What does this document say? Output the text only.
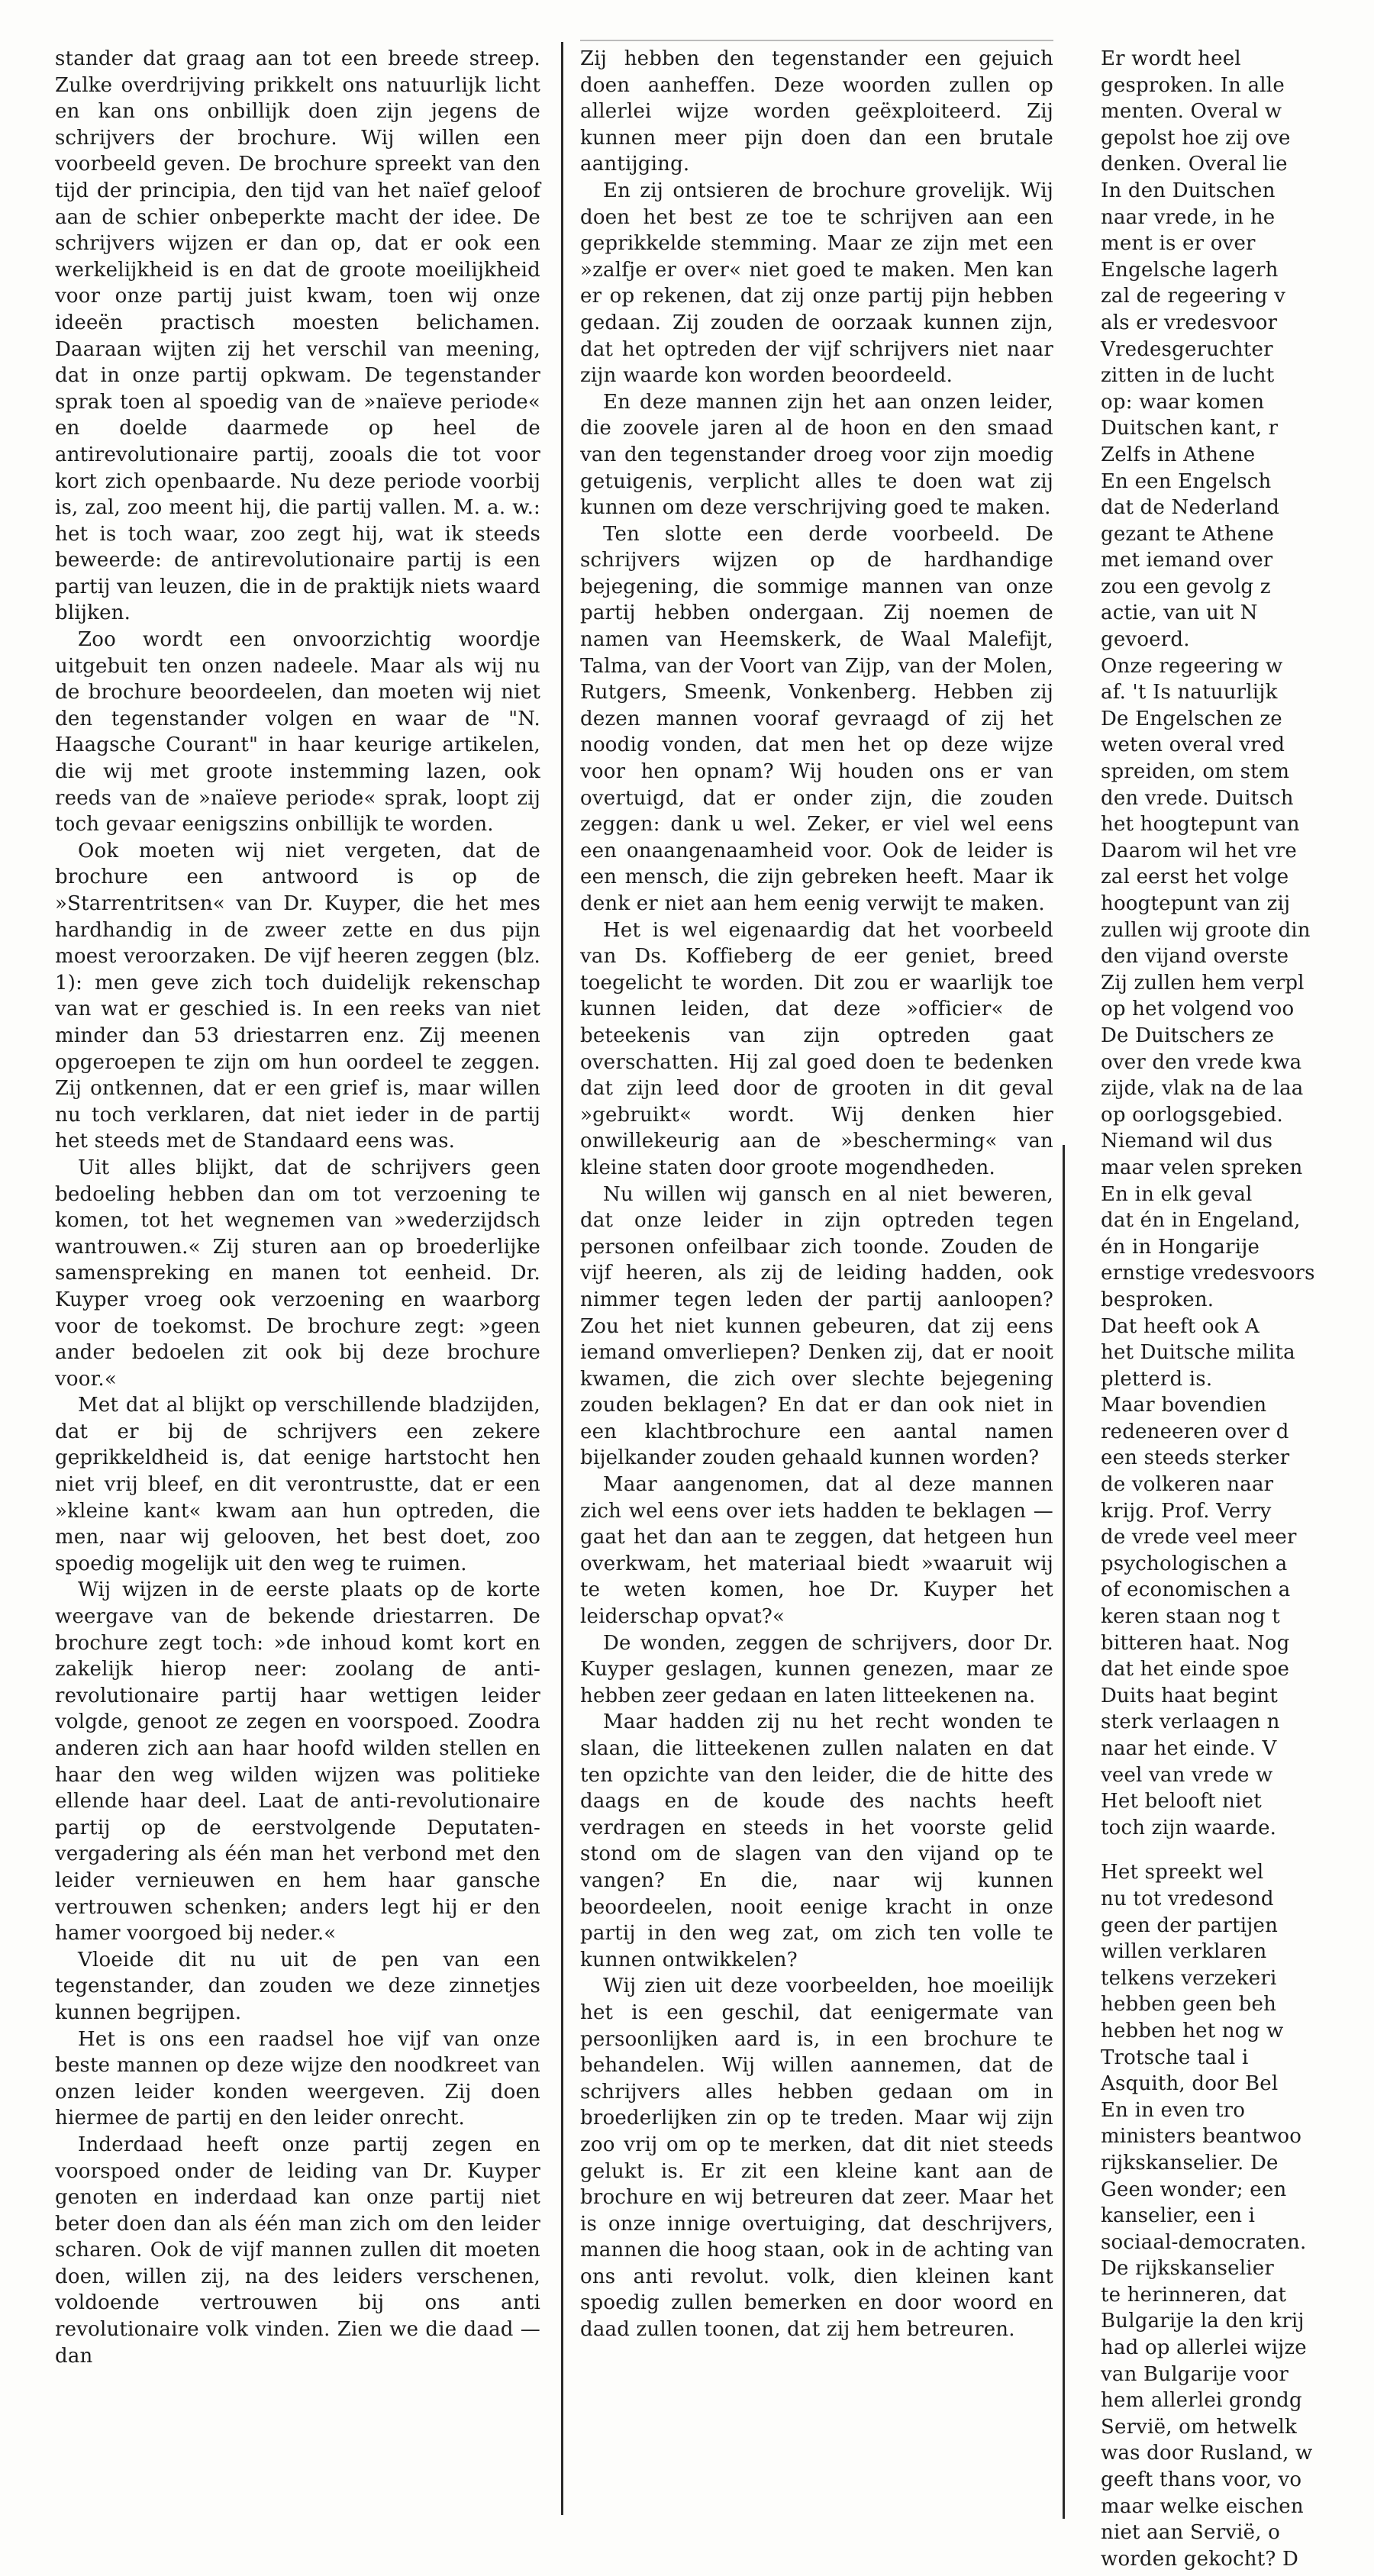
stander dat graag aan tot een breede streep. Zulke overdrijving prikkelt ons natuurlijk licht en kan ons onbillijk doen zijn jegens de schrijvers der brochure. Wij willen een voorbeeld geven. De brochure spreekt van den tijd der principia, den tijd van het naïef geloof aan de schier onbeperkte macht der idee. De schrijvers wijzen er dan op, dat er ook een werkelijkheid is en dat de groote moeilijkheid voor onze partij juist kwam, toen wij onze ideeën practisch moesten belichamen. Daaraan wijten zij het verschil van meening, dat in onze partij opkwam. De tegenstander sprak toen al spoedig van de »naïeve periode« en doelde daarmede op heel de antirevolutionaire partij, zooals die tot voor kort zich openbaarde. Nu deze periode voorbij is, zal, zoo meent hij, die partij vallen. M. a. w.: het is toch waar, zoo zegt hij, wat ik steeds beweerde: de antirevolutionaire partij is een partij van leuzen, die in de praktijk niets waard blijken.

Zoo wordt een onvoorzichtig woordje uitgebuit ten onzen nadeele. Maar als wij nu de brochure beoordeelen, dan moeten wij niet den tegenstander volgen en waar de "N. Haagsche Courant" in haar keurige artikelen, die wij met groote instemming lazen, ook reeds van de »naïeve periode« sprak, loopt zij toch gevaar eenigszins onbillijk te worden.

Ook moeten wij niet vergeten, dat de brochure een antwoord is op de »Starrentritsen« van Dr. Kuyper, die het mes hardhandig in de zweer zette en dus pijn moest veroorzaken. De vijf heeren zeggen (blz. 1): men geve zich toch duidelijk rekenschap van wat er geschied is. In een reeks van niet minder dan 53 driestarren enz. Zij meenen opgeroepen te zijn om hun oordeel te zeggen. Zij ontkennen, dat er een grief is, maar willen nu toch verklaren, dat niet ieder in de partij het steeds met de Standaard eens was.

Uit alles blijkt, dat de schrijvers geen bedoeling hebben dan om tot verzoening te komen, tot het wegnemen van »wederzijdsch wantrouwen.« Zij sturen aan op broederlijke samenspreking en manen tot eenheid. Dr. Kuyper vroeg ook verzoening en waarborg voor de toekomst. De brochure zegt: »geen ander bedoelen zit ook bij deze brochure voor.«

Met dat al blijkt op verschillende bladzijden, dat er bij de schrijvers een zekere geprikkeldheid is, dat eenige hartstocht hen niet vrij bleef, en dit verontrustte, dat er een »kleine kant« kwam aan hun optreden, die men, naar wij gelooven, het best doet, zoo spoedig mogelijk uit den weg te ruimen.

Wij wijzen in de eerste plaats op de korte weergave van de bekende driestarren. De brochure zegt toch: »de inhoud komt kort en zakelijk hierop neer: zoolang de anti-revolutionaire partij haar wettigen leider volgde, genoot ze zegen en voorspoed. Zoodra anderen zich aan haar hoofd wilden stellen en haar den weg wilden wijzen was politieke ellende haar deel. Laat de anti-revolutionaire partij op de eerstvolgende Deputaten-vergadering als één man het verbond met den leider vernieuwen en hem haar gansche vertrouwen schenken; anders legt hij er den hamer voorgoed bij neder.«

Vloeide dit nu uit de pen van een tegenstander, dan zouden we deze zinnetjes kunnen begrijpen.

Het is ons een raadsel hoe vijf van onze beste mannen op deze wijze den noodkreet van onzen leider konden weergeven. Zij doen hiermee de partij en den leider onrecht.

Inderdaad heeft onze partij zegen en voorspoed onder de leiding van Dr. Kuyper genoten en inderdaad kan onze partij niet beter doen dan als één man zich om den leider scharen. Ook de vijf mannen zullen dit moeten doen, willen zij, na des leiders verschenen, voldoende vertrouwen bij ons anti revolutionaire volk vinden. Zien we die daad — dan

Zij hebben den tegenstander een gejuich doen aanheffen. Deze woorden zullen op allerlei wijze worden geëxploiteerd. Zij kunnen meer pijn doen dan een brutale aantijging.

En zij ontsieren de brochure grovelijk. Wij doen het best ze toe te schrijven aan een geprikkelde stemming. Maar ze zijn met een »zalfje er over« niet goed te maken. Men kan er op rekenen, dat zij onze partij pijn hebben gedaan. Zij zouden de oorzaak kunnen zijn, dat het optreden der vijf schrijvers niet naar zijn waarde kon worden beoordeeld.

En deze mannen zijn het aan onzen leider, die zoovele jaren al de hoon en den smaad van den tegenstander droeg voor zijn moedig getuigenis, verplicht alles te doen wat zij kunnen om deze verschrijving goed te maken.

Ten slotte een derde voorbeeld. De schrijvers wijzen op de hardhandige bejegening, die sommige mannen van onze partij hebben ondergaan. Zij noemen de namen van Heemskerk, de Waal Malefijt, Talma, van der Voort van Zijp, van der Molen, Rutgers, Smeenk, Vonkenberg. Hebben zij dezen mannen vooraf gevraagd of zij het noodig vonden, dat men het op deze wijze voor hen opnam? Wij houden ons er van overtuigd, dat er onder zijn, die zouden zeggen: dank u wel. Zeker, er viel wel eens een onaangenaamheid voor. Ook de leider is een mensch, die zijn gebreken heeft. Maar ik denk er niet aan hem eenig verwijt te maken.

Het is wel eigenaardig dat het voorbeeld van Ds. Koffieberg de eer geniet, breed toegelicht te worden. Dit zou er waarlijk toe kunnen leiden, dat deze »officier« de beteekenis van zijn optreden gaat overschatten. Hij zal goed doen te bedenken dat zijn leed door de grooten in dit geval »gebruikt« wordt. Wij denken hier onwillekeurig aan de »bescherming« van kleine staten door groote mogendheden.

Nu willen wij gansch en al niet beweren, dat onze leider in zijn optreden tegen personen onfeilbaar zich toonde. Zouden de vijf heeren, als zij de leiding hadden, ook nimmer tegen leden der partij aanloopen? Zou het niet kunnen gebeuren, dat zij eens iemand omverliepen? Denken zij, dat er nooit kwamen, die zich over slechte bejegening zouden beklagen? En dat er dan ook niet in een klachtbrochure een aantal namen bijelkander zouden gehaald kunnen worden?

Maar aangenomen, dat al deze mannen zich wel eens over iets hadden te beklagen — gaat het dan aan te zeggen, dat hetgeen hun overkwam, het materiaal biedt »waaruit wij te weten komen, hoe Dr. Kuyper het leiderschap opvat?«

De wonden, zeggen de schrijvers, door Dr. Kuyper geslagen, kunnen genezen, maar ze hebben zeer gedaan en laten litteekenen na.

Maar hadden zij nu het recht wonden te slaan, die litteekenen zullen nalaten en dat ten opzichte van den leider, die de hitte des daags en de koude des nachts heeft verdragen en steeds in het voorste gelid stond om de slagen van den vijand op te vangen? En die, naar wij kunnen beoordeelen, nooit eenige kracht in onze partij in den weg zat, om zich ten volle te kunnen ontwikkelen?

Wij zien uit deze voorbeelden, hoe moeilijk het is een geschil, dat eenigermate van persoonlijken aard is, in een brochure te behandelen. Wij willen aannemen, dat de schrijvers alles hebben gedaan om in broederlijken zin op te treden. Maar wij zijn zoo vrij om op te merken, dat dit niet steeds gelukt is. Er zit een kleine kant aan de brochure en wij betreuren dat zeer. Maar het is onze innige overtuiging, dat deschrijvers, mannen die hoog staan, ook in de achting van ons anti revolut. volk, dien kleinen kant spoedig zullen bemerken en door woord en daad zullen toonen, dat zij hem betreuren.

Er wordt heel

gesproken. In alle

menten. Overal w

gepolst hoe zij ove

denken. Overal lie

In den Duitschen

naar vrede, in he

ment is er over

Engelsche lagerh

zal de regeering v

als er vredesvoor

Vredesgeruchter

zitten in de lucht

op: waar komen

Duitschen kant, r

Zelfs in Athene

En een Engelsch

dat de Nederland

gezant te Athene

met iemand over

zou een gevolg z

actie, van uit N

gevoerd.

Onze regeering w

af. 't Is natuurlijk

De Engelschen ze

weten overal vred

spreiden, om stem

den vrede. Duitsch

het hoogtepunt van

Daarom wil het vre

zal eerst het volge

hoogtepunt van zij

zullen wij groote din

den vijand overste

Zij zullen hem verpl

op het volgend voo

De Duitschers ze

over den vrede kwa

zijde, vlak na de laa

op oorlogsgebied.

Niemand wil dus

maar velen spreken

En in elk geval

dat én in Engeland,

én in Hongarije

ernstige vredesvoors

besproken.

Dat heeft ook A

het Duitsche milita

pletterd is.

Maar bovendien

redeneeren over d

een steeds sterker

de volkeren naar

krijg. Prof. Verry

de vrede veel meer

psychologischen a

of economischen a

keren staan nog t

bitteren haat. Nog

dat het einde spoe

Duits haat begint

sterk verlaagen n

naar het einde. V

veel van vrede w

Het belooft niet

toch zijn waarde.

Het spreekt wel

nu tot vredesond

geen der partijen

willen verklaren

telkens verzekeri

hebben geen beh

hebben het nog w

Trotsche taal i

Asquith, door Bel

En in even tro

ministers beantwoo

rijkskanselier. De

Geen wonder; een

kanselier, een i

sociaal-democraten.

De rijkskanselier

te herinneren, dat

Bulgarije la den krij

had op allerlei wijze

van Bulgarije voor

hem allerlei grondg

Servië, om hetwelk

was door Rusland, w

geeft thans voor, vo

maar welke eischen

niet aan Servië, o

worden gekocht? D
